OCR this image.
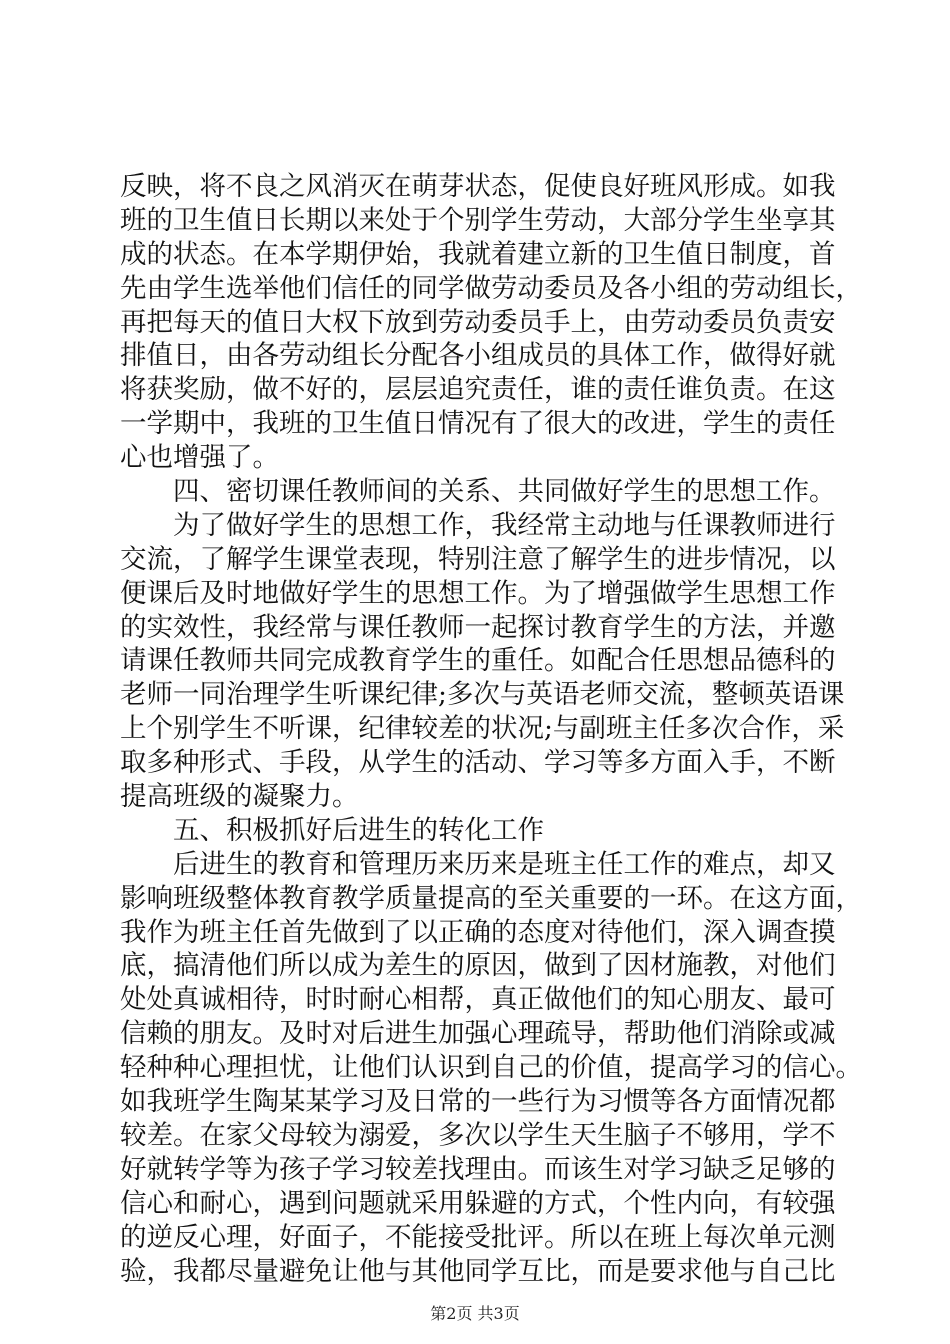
反映，将不良之风消灭在萌芽状态，促使良好班风形成。如我
班的卫生值日长期以来处于个别学生劳动，大部分学生坐享其
成的状态。在本学期伊始，我就着建立新的卫生值日制度，首
先由学生选举他们信任的同学做劳动委员及各小组的劳动组长，
再把每天的值日大权下放到劳动委员手上，由劳动委员负责安
排值日，由各劳动组长分配各小组成员的具体工作，做得好就
将获奖励，做不好的，层层追究责任，谁的责任谁负责。在这
一学期中，我班的卫生值日情况有了很大的改进，学生的责任
心也增强了。
四、密切课任教师间的关系、共同做好学生的思想工作。
为了做好学生的思想工作，我经常主动地与任课教师进行
交流，了解学生课堂表现，特别注意了解学生的进步情况，以
便课后及时地做好学生的思想工作。为了增强做学生思想工作
的实效性，我经常与课任教师一起探讨教育学生的方法，并邀
请课任教师共同完成教育学生的重任。如配合任思想品德科的
老师一同治理学生听课纪律;多次与英语老师交流，整顿英语课
上个别学生不听课，纪律较差的状况;与副班主任多次合作，采
取多种形式、手段，从学生的活动、学习等多方面入手，不断
提高班级的凝聚力。
五、积极抓好后进生的转化工作
后进生的教育和管理历来历来是班主任工作的难点，却又
影响班级整体教育教学质量提高的至关重要的一环。在这方面，
我作为班主任首先做到了以正确的态度对待他们，深入调查摸
底，搞清他们所以成为差生的原因，做到了因材施教，对他们
处处真诚相待，时时耐心相帮，真正做他们的知心朋友、最可
信赖的朋友。及时对后进生加强心理疏导，帮助他们消除或减
轻种种心理担忧，让他们认识到自己的价值，提高学习的信心。
如我班学生陶某某学习及日常的一些行为习惯等各方面情况都
较差。在家父母较为溺爱，多次以学生天生脑子不够用，学不
好就转学等为孩子学习较差找理由。而该生对学习缺乏足够的
信心和耐心，遇到问题就采用躲避的方式，个性内向，有较强
的逆反心理，好面子，不能接受批评。所以在班上每次单元测
验，我都尽量避免让他与其他同学互比，而是要求他与自己比
第2页 共3页
